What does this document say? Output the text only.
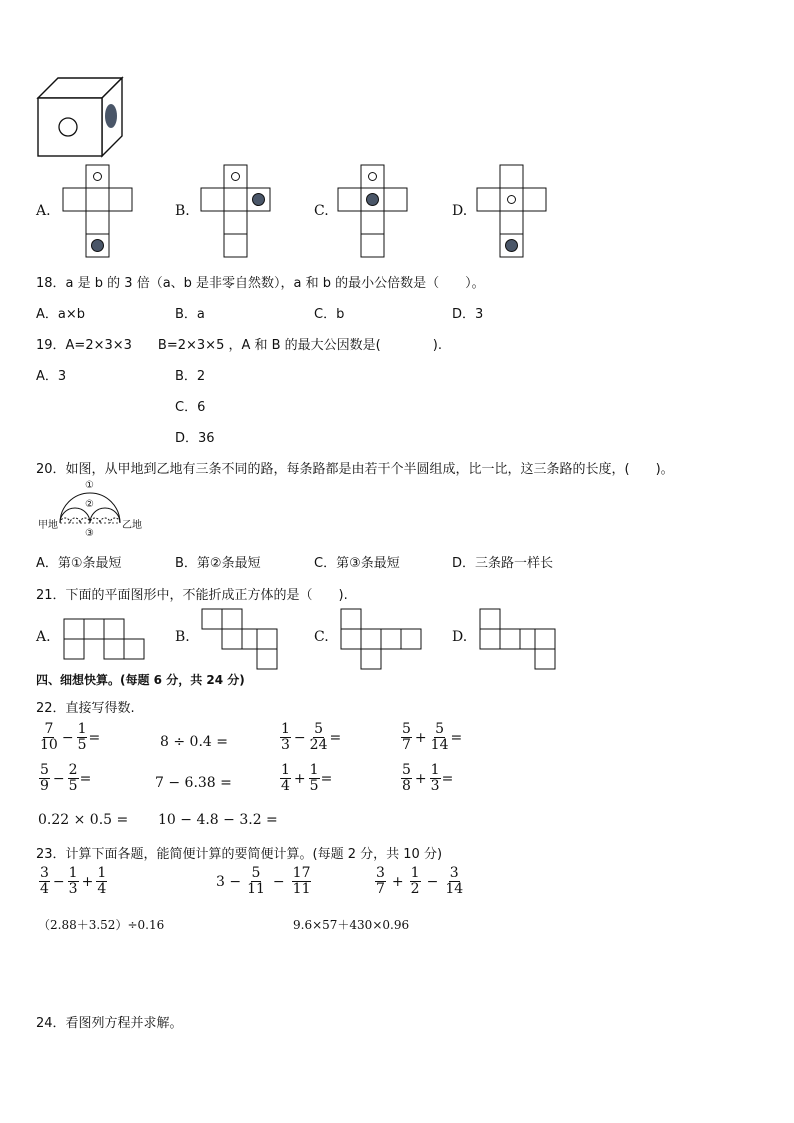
A.	B.	C.	D.
18．a 是 b 的 3 倍（a、b 是非零自然数），a 和 b 的最小公倍数是（　　）。
A．a×b	B．a	C．b	D．3
19．A=2×3×3　　B=2×3×5 ，A 和 B 的最大公因数是(　　　　).
A．3	B．2
C．6
D．36
20．如图，从甲地到乙地有三条不同的路，每条路都是由若干个半圆组成，比一比，这三条路的长度，(　　)。
甲地	乙地
①
②
③
A．第①条最短	B．第②条最短	C．第③条最短	D．三条路一样长
21．下面的平面图形中，不能折成正方体的是（　　).
A.	B.	C.	D.
四、细想快算。(每题 6 分，共 24 分)
22．直接写得数.
$\frac{7}{10} - \frac{1}{5}$ =	8 ÷ 0.4 =	$\frac{1}{3} - \frac{5}{24}$ =	$\frac{5}{7} + \frac{5}{14}$ =
$\frac{5}{9} - \frac{2}{5}$ =	7 − 6.38 =	$\frac{1}{4} + \frac{1}{5}$ =	$\frac{5}{8} + \frac{1}{3}$ =
0.22 × 0.5 = 10 − 4.8 − 3.2 =
23．计算下面各题，能简便计算的要简便计算。(每题 2 分，共 10 分)
$\frac{3}{4} - \frac{1}{3} + \frac{1}{4}$	$3 - \frac{5}{11} - \frac{17}{11}$	$\frac{3}{7} + \frac{1}{2} - \frac{3}{14}$
（2.88＋3.52）÷0.16	9.6×57＋430×0.96
24．看图列方程并求解。
